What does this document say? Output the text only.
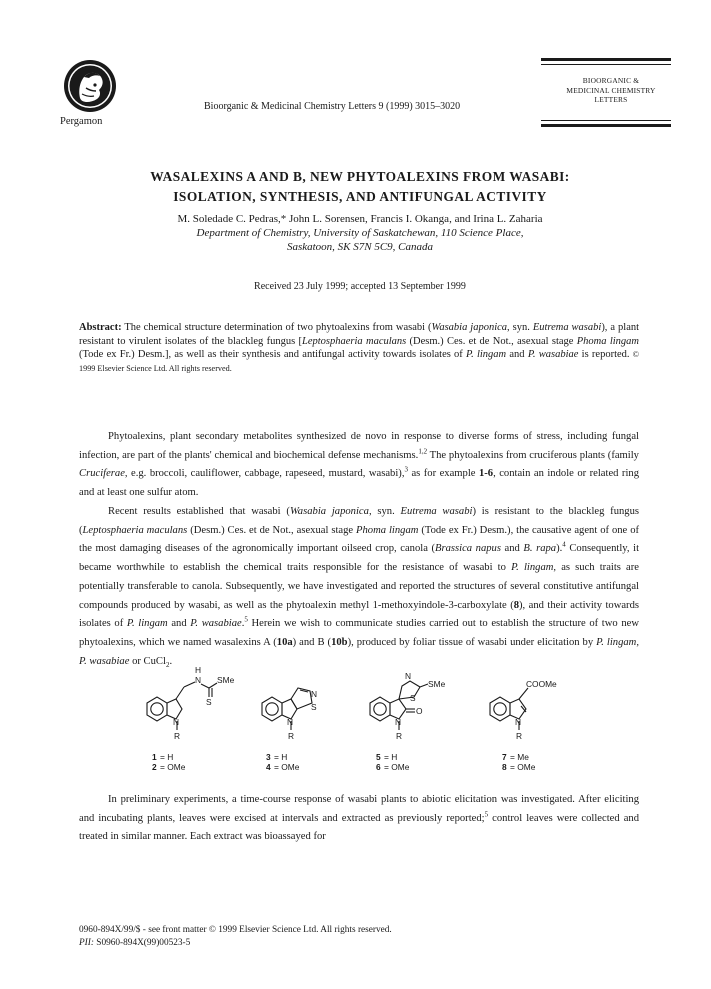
Pergamon
Bioorganic & Medicinal Chemistry Letters 9 (1999) 3015–3020
BIOORGANIC &
MEDICINAL CHEMISTRY
LETTERS
WASALEXINS A AND B, NEW PHYTOALEXINS FROM WASABI:
ISOLATION, SYNTHESIS, AND ANTIFUNGAL ACTIVITY
M. Soledade C. Pedras,* John L. Sorensen, Francis I. Okanga, and Irina L. Zaharia
Department of Chemistry, University of Saskatchewan, 110 Science Place,
Saskatoon, SK S7N 5C9, Canada
Received 23 July 1999; accepted 13 September 1999
Abstract: The chemical structure determination of two phytoalexins from wasabi (Wasabia japonica, syn. Eutrema wasabi), a plant resistant to virulent isolates of the blackleg fungus [Leptosphaeria maculans (Desm.) Ces. et de Not., asexual stage Phoma lingam (Tode ex Fr.) Desm.], as well as their synthesis and antifungal activity towards isolates of P. lingam and P. wasabiae is reported. © 1999 Elsevier Science Ltd. All rights reserved.
Phytoalexins, plant secondary metabolites synthesized de novo in response to diverse forms of stress, including fungal infection, are part of the plants' chemical and biochemical defense mechanisms.$^{1,2}$ The phytoalexins from cruciferous plants (family Cruciferae, e.g. broccoli, cauliflower, cabbage, rapeseed, mustard, wasabi),$^3$ as for example 1-6, contain an indole or related ring and at least one sulfur atom.
Recent results established that wasabi (Wasabia japonica, syn. Eutrema wasabi) is resistant to the blackleg fungus (Leptosphaeria maculans (Desm.) Ces. et de Not., asexual stage Phoma lingam (Tode ex Fr.) Desm.), the causative agent of one of the most damaging diseases of the agronomically important oilseed crop, canola (Brassica napus and B. rapa).$^4$ Consequently, it became worthwhile to establish the chemical traits responsible for the resistance of wasabi to P. lingam, as such traits are potentially transferable to canola. Subsequently, we have investigated and reported the structures of several constitutive antifungal compounds produced by wasabi, as well as the phytoalexin methyl 1-methoxyindole-3-carboxylate (8), and their activity towards isolates of P. lingam and P. wasabiae.$^5$ Herein we wish to communicate studies carried out to establish the structure of two new phytoalexins, which we named wasalexins A (10a) and B (10b), produced by foliar tissue of wasabi under elicitation by P. lingam, P. wasabiae or CuCl$_2$.
N
H
SMe
S
N
R
N
S
N
R
N
SMe
S
O
N
R
COOMe
N
R
1 = H
2 = OMe
3 = H
4 = OMe
5 = H
6 = OMe
7 = Me
8 = OMe
In preliminary experiments, a time-course response of wasabi plants to abiotic elicitation was investigated. After eliciting and incubating plants, leaves were excised at intervals and extracted as previously reported;$^5$ control leaves were collected and treated in similar manner. Each extract was bioassayed for
0960-894X/99/$ - see front matter © 1999 Elsevier Science Ltd. All rights reserved.
PII: S0960-894X(99)00523-5
